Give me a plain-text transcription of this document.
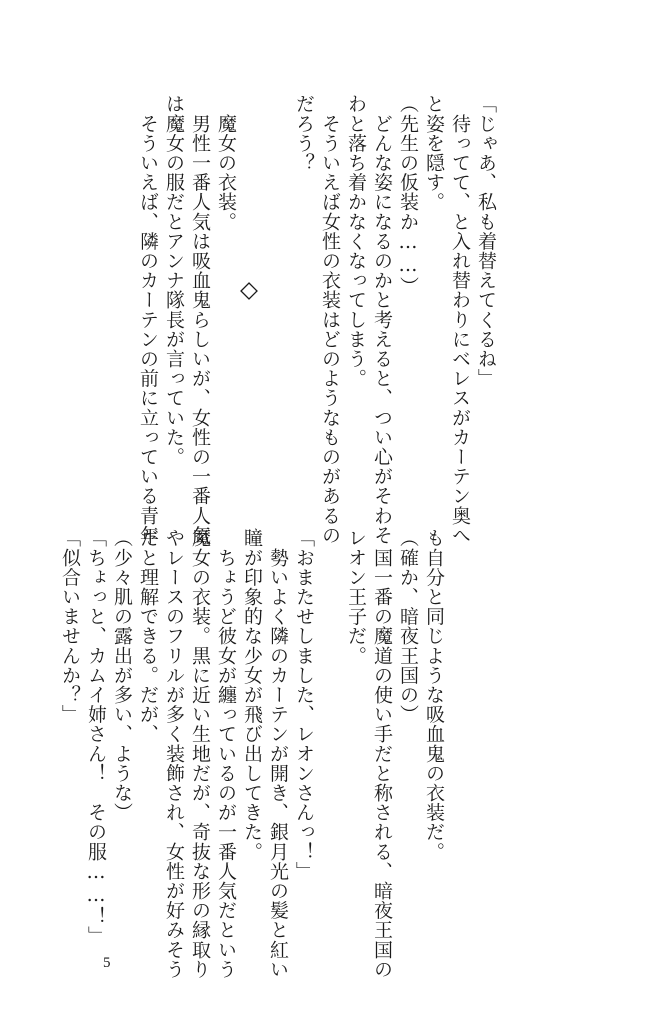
「じゃあ、私も着替えてくるね」

　待ってて、と入れ替わりにベレスがカーテン奥へ

と姿を隠す。

（先生の仮装か……）

　どんな姿になるのかと考えると、つい心がそわそ

わと落ち着かなくなってしまう。

　そういえば女性の衣装はどのようなものがあるの

だろう？

　魔女の衣装。

　男性一番人気は吸血鬼らしいが、女性の一番人気

は魔女の服だとアンナ隊長が言っていた。

　そういえば、隣のカーテンの前に立っている青年

も自分と同じような吸血鬼の衣装だ。

（確か、暗夜王国の）

　国一番の魔道の使い手だと称される、暗夜王国の

レオン王子だ。

「おまたせしました、レオンさんっ！」

　勢いよく隣のカーテンが開き、銀月光の髪と紅い

瞳が印象的な少女が飛び出してきた。

　ちょうど彼女が纏っているのが一番人気だという

魔女の衣装。黒に近い生地だが、奇抜な形の縁取り

やレースのフリルが多く装飾され、女性が好みそう

だと理解できる。だが、

（少々肌の露出が多い、ような）

「ちょっと、カムイ姉さん！　その服……！」

「似合いませんか？」

5
